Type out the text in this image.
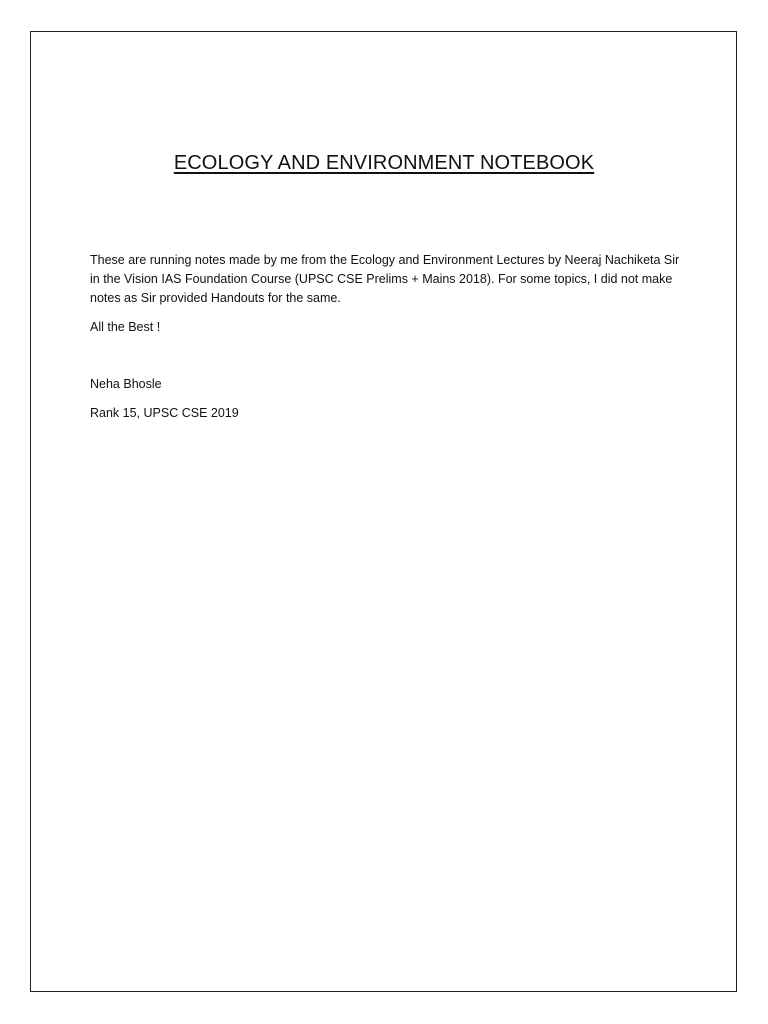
ECOLOGY AND ENVIRONMENT NOTEBOOK

These are running notes made by me from the Ecology and Environment Lectures by Neeraj Nachiketa Sir in the Vision IAS Foundation Course (UPSC CSE Prelims + Mains 2018). For some topics, I did not make notes as Sir provided Handouts for the same.

All the Best !

Neha Bhosle

Rank 15, UPSC CSE 2019
